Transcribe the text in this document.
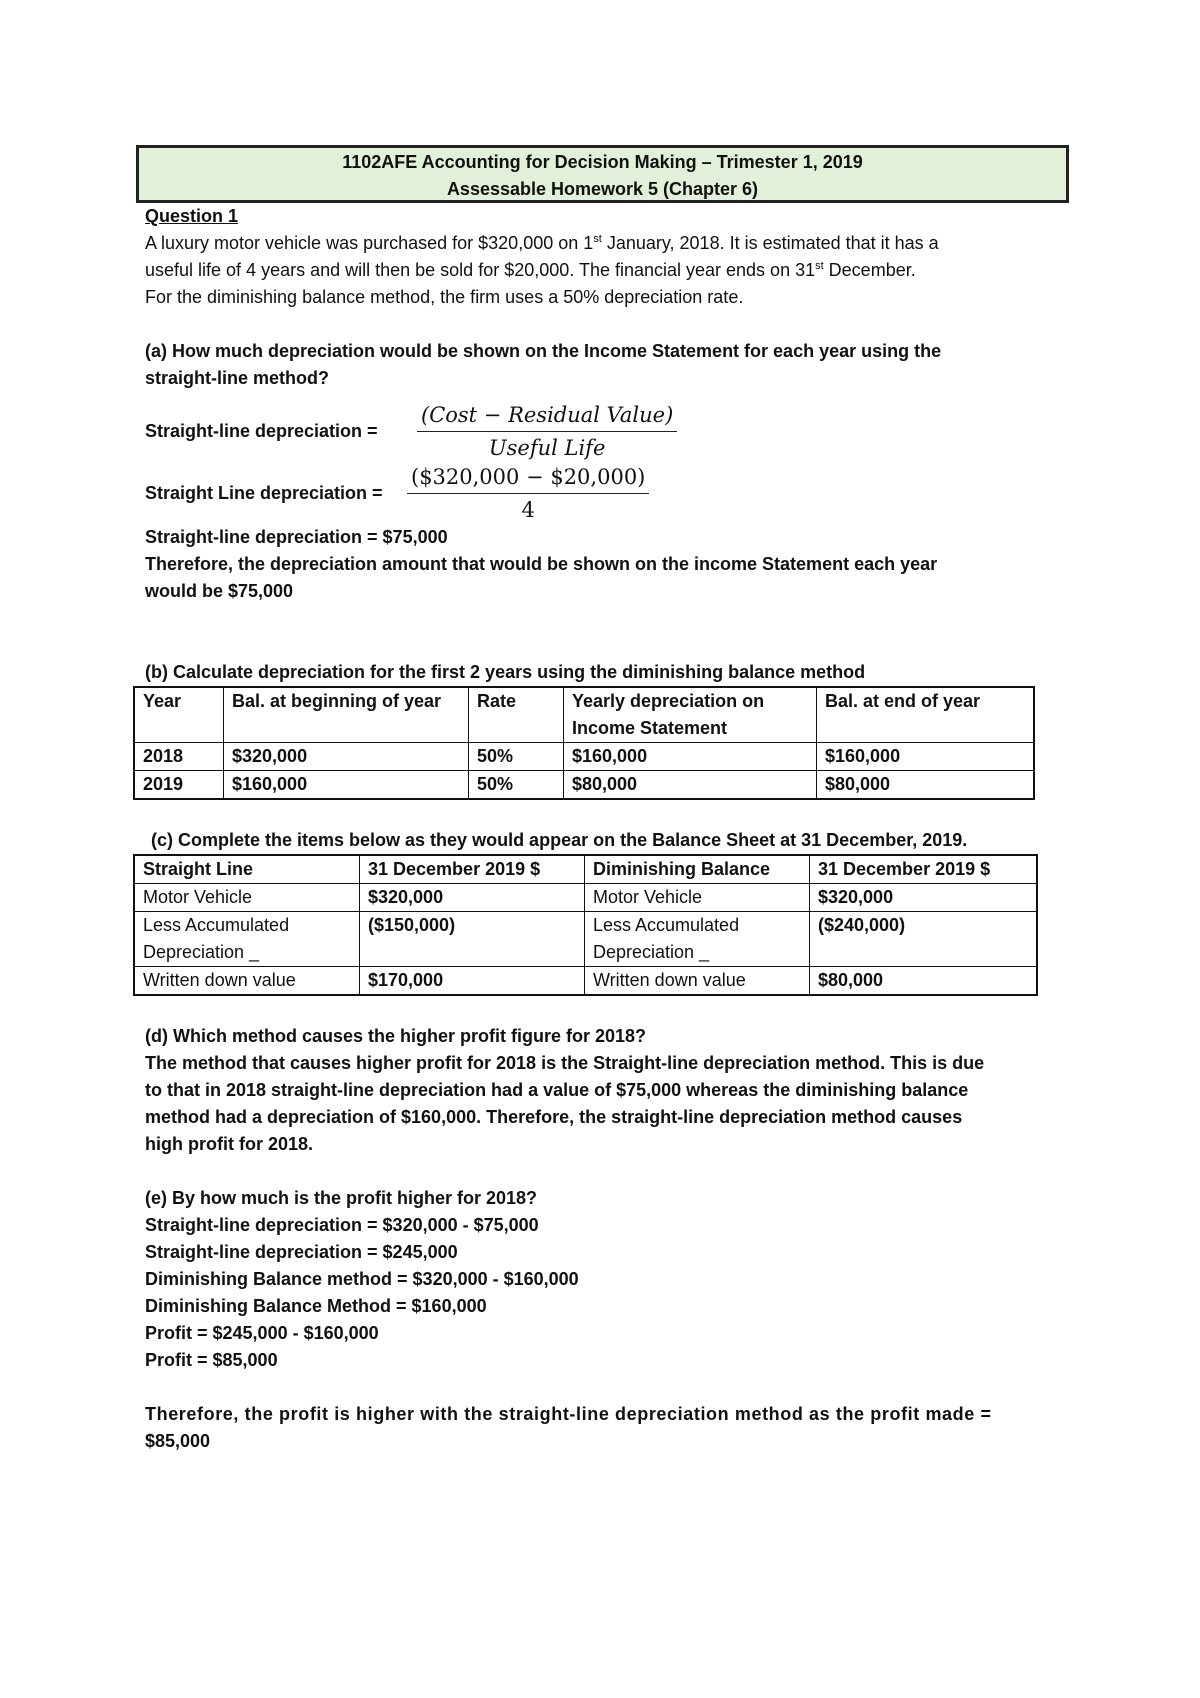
1102AFE Accounting for Decision Making – Trimester 1, 2019
Assessable Homework 5 (Chapter 6)

Question 1

A luxury motor vehicle was purchased for $320,000 on 1st January, 2018. It is estimated that it has a

useful life of 4 years and will then be sold for $20,000. The financial year ends on 31st December.

For the diminishing balance method, the firm uses a 50% depreciation rate.

(a) How much depreciation would be shown on the Income Statement for each year using the

straight-line method?

Straight-line depreciation =	$\frac{\text{(Cost − Residual Value)}}{\text{Useful Life}}$
Straight Line depreciation =	$\frac{(\$320,000 - \$20,000)}{4}$

Straight-line depreciation = $75,000

Therefore, the depreciation amount that would be shown on the income Statement each year

would be $75,000

(b) Calculate depreciation for the first 2 years using the diminishing balance method

Year	Bal. at beginning of year	Rate	Yearly depreciation on Income Statement	Bal. at end of year
2018	$320,000	50%	$160,000	$160,000
2019	$160,000	50%	$80,000	$80,000

(c) Complete the items below as they would appear on the Balance Sheet at 31 December, 2019.

Straight Line	31 December 2019 $	Diminishing Balance	31 December 2019 $
Motor Vehicle	$320,000	Motor Vehicle	$320,000
Less Accumulated Depreciation _	($150,000)	Less Accumulated Depreciation _	($240,000)
Written down value	$170,000	Written down value	$80,000

(d) Which method causes the higher profit figure for 2018?

The method that causes higher profit for 2018 is the Straight-line depreciation method. This is due

to that in 2018 straight-line depreciation had a value of $75,000 whereas the diminishing balance

method had a depreciation of $160,000. Therefore, the straight-line depreciation method causes

high profit for 2018.

(e) By how much is the profit higher for 2018?

Straight-line depreciation = $320,000 - $75,000

Straight-line depreciation = $245,000

Diminishing Balance method = $320,000 - $160,000

Diminishing Balance Method = $160,000

Profit = $245,000 - $160,000

Profit = $85,000

Therefore, the profit is higher with the straight-line depreciation method as the profit made =

$85,000
